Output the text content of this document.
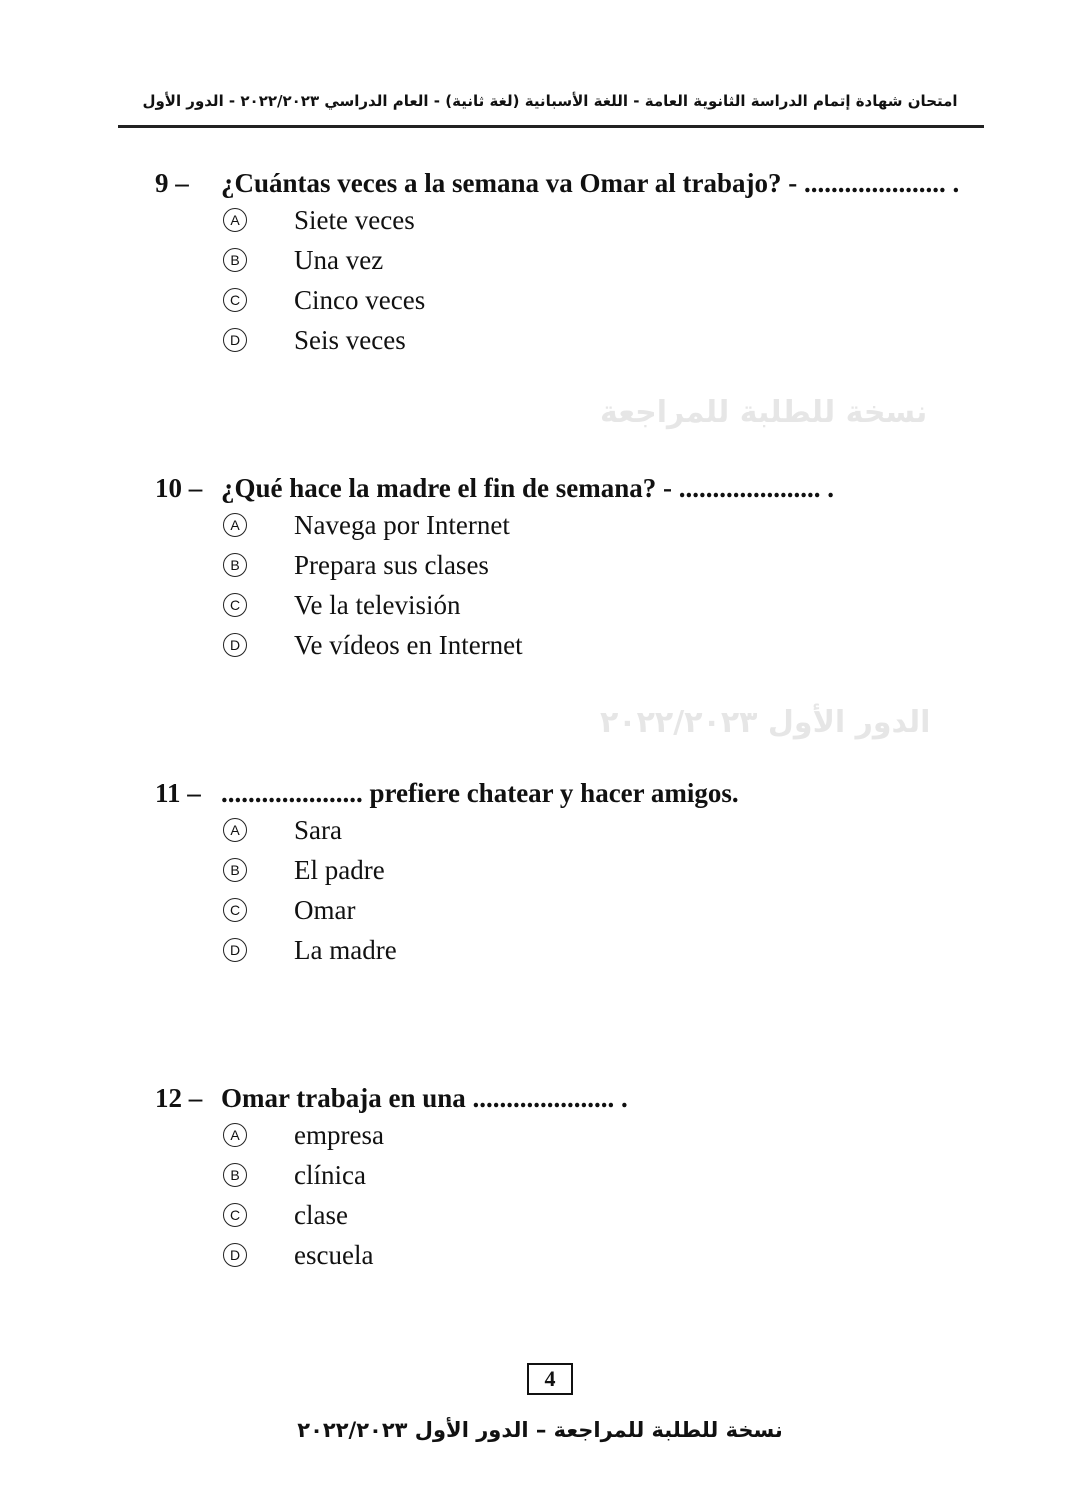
نسخة للطلبة للمراجعة
الدور الأول ٢٠٢٢/٢٠٢٣
امتحان شهادة إتمام الدراسة الثانوية العامة - اللغة الأسبانية (لغة ثانية) - العام الدراسي ٢٠٢٢/٢٠٢٣ - الدور الأول
9 – ¿Cuántas veces a la semana va Omar al trabajo? - ..................... .
A Siete veces
B Una vez
C Cinco veces
D Seis veces
10 – ¿Qué hace la madre el fin de semana? - ..................... .
A Navega por Internet
B Prepara sus clases
C Ve la televisión
D Ve vídeos en Internet
11 – ..................... prefiere chatear y hacer amigos.
A Sara
B El padre
C Omar
D La madre
12 – Omar trabaja en una ..................... .
A empresa
B clínica
C clase
D escuela
4
نسخة للطلبة للمراجعة – الدور الأول ٢٠٢٢/٢٠٢٣
